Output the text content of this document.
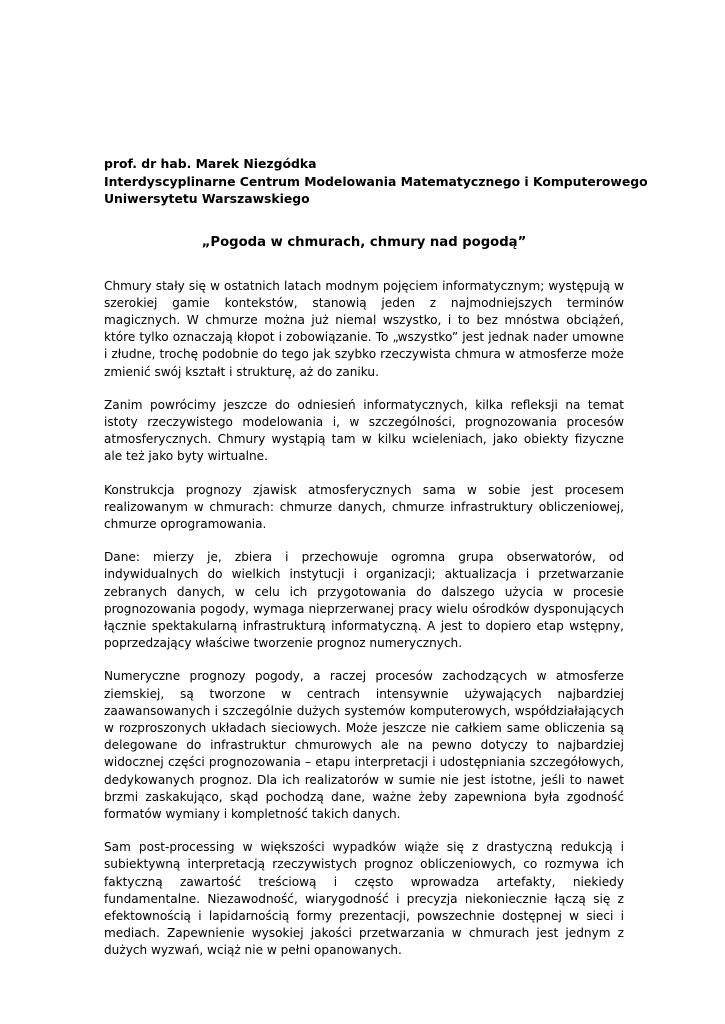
prof. dr hab. Marek Niezgódka
Interdyscyplinarne Centrum Modelowania Matematycznego i Komputerowego
Uniwersytetu Warszawskiego
„Pogoda w chmurach, chmury nad pogodą”

Chmury stały się w ostatnich latach modnym pojęciem informatycznym; występują w szerokiej gamie kontekstów, stanowią jeden z najmodniejszych terminów magicznych. W chmurze można już niemal wszystko, i to bez mnóstwa obciążeń, które tylko oznaczają kłopot i zobowiązanie. To „wszystko” jest jednak nader umowne i złudne, trochę podobnie do tego jak szybko rzeczywista chmura w atmosferze może zmienić swój kształt i strukturę, aż do zaniku.

Zanim powrócimy jeszcze do odniesień informatycznych, kilka refleksji na temat istoty rzeczywistego modelowania i, w szczególności, prognozowania procesów atmosferycznych. Chmury wystąpią tam w kilku wcieleniach, jako obiekty fizyczne ale też jako byty wirtualne.

Konstrukcja prognozy zjawisk atmosferycznych sama w sobie jest procesem realizowanym w chmurach: chmurze danych, chmurze infrastruktury obliczeniowej, chmurze oprogramowania.

Dane: mierzy je, zbiera i przechowuje ogromna grupa obserwatorów, od indywidualnych do wielkich instytucji i organizacji; aktualizacja i przetwarzanie zebranych danych, w celu ich przygotowania do dalszego użycia w procesie prognozowania pogody, wymaga nieprzerwanej pracy wielu ośrodków dysponujących łącznie spektakularną infrastrukturą informatyczną. A jest to dopiero etap wstępny, poprzedzający właściwe tworzenie prognoz numerycznych.

Numeryczne prognozy pogody, a raczej procesów zachodzących w atmosferze ziemskiej, są tworzone w centrach intensywnie używających najbardziej zaawansowanych i szczególnie dużych systemów komputerowych, współdziałających w rozproszonych układach sieciowych. Może jeszcze nie całkiem same obliczenia są delegowane do infrastruktur chmurowych ale na pewno dotyczy to najbardziej widocznej części prognozowania – etapu interpretacji i udostępniania szczegółowych, dedykowanych prognoz. Dla ich realizatorów w sumie nie jest istotne, jeśli to nawet brzmi zaskakująco, skąd pochodzą dane, ważne żeby zapewniona była zgodność formatów wymiany i kompletność takich danych.

Sam post-processing w większości wypadków wiąże się z drastyczną redukcją i subiektywną interpretacją rzeczywistych prognoz obliczeniowych, co rozmywa ich faktyczną zawartość treściową i często wprowadza artefakty, niekiedy fundamentalne. Niezawodność, wiarygodność i precyzja niekoniecznie łączą się z efektownością i lapidarnością formy prezentacji, powszechnie dostępnej w sieci i mediach. Zapewnienie wysokiej jakości przetwarzania w chmurach jest jednym z dużych wyzwań, wciąż nie w pełni opanowanych.
